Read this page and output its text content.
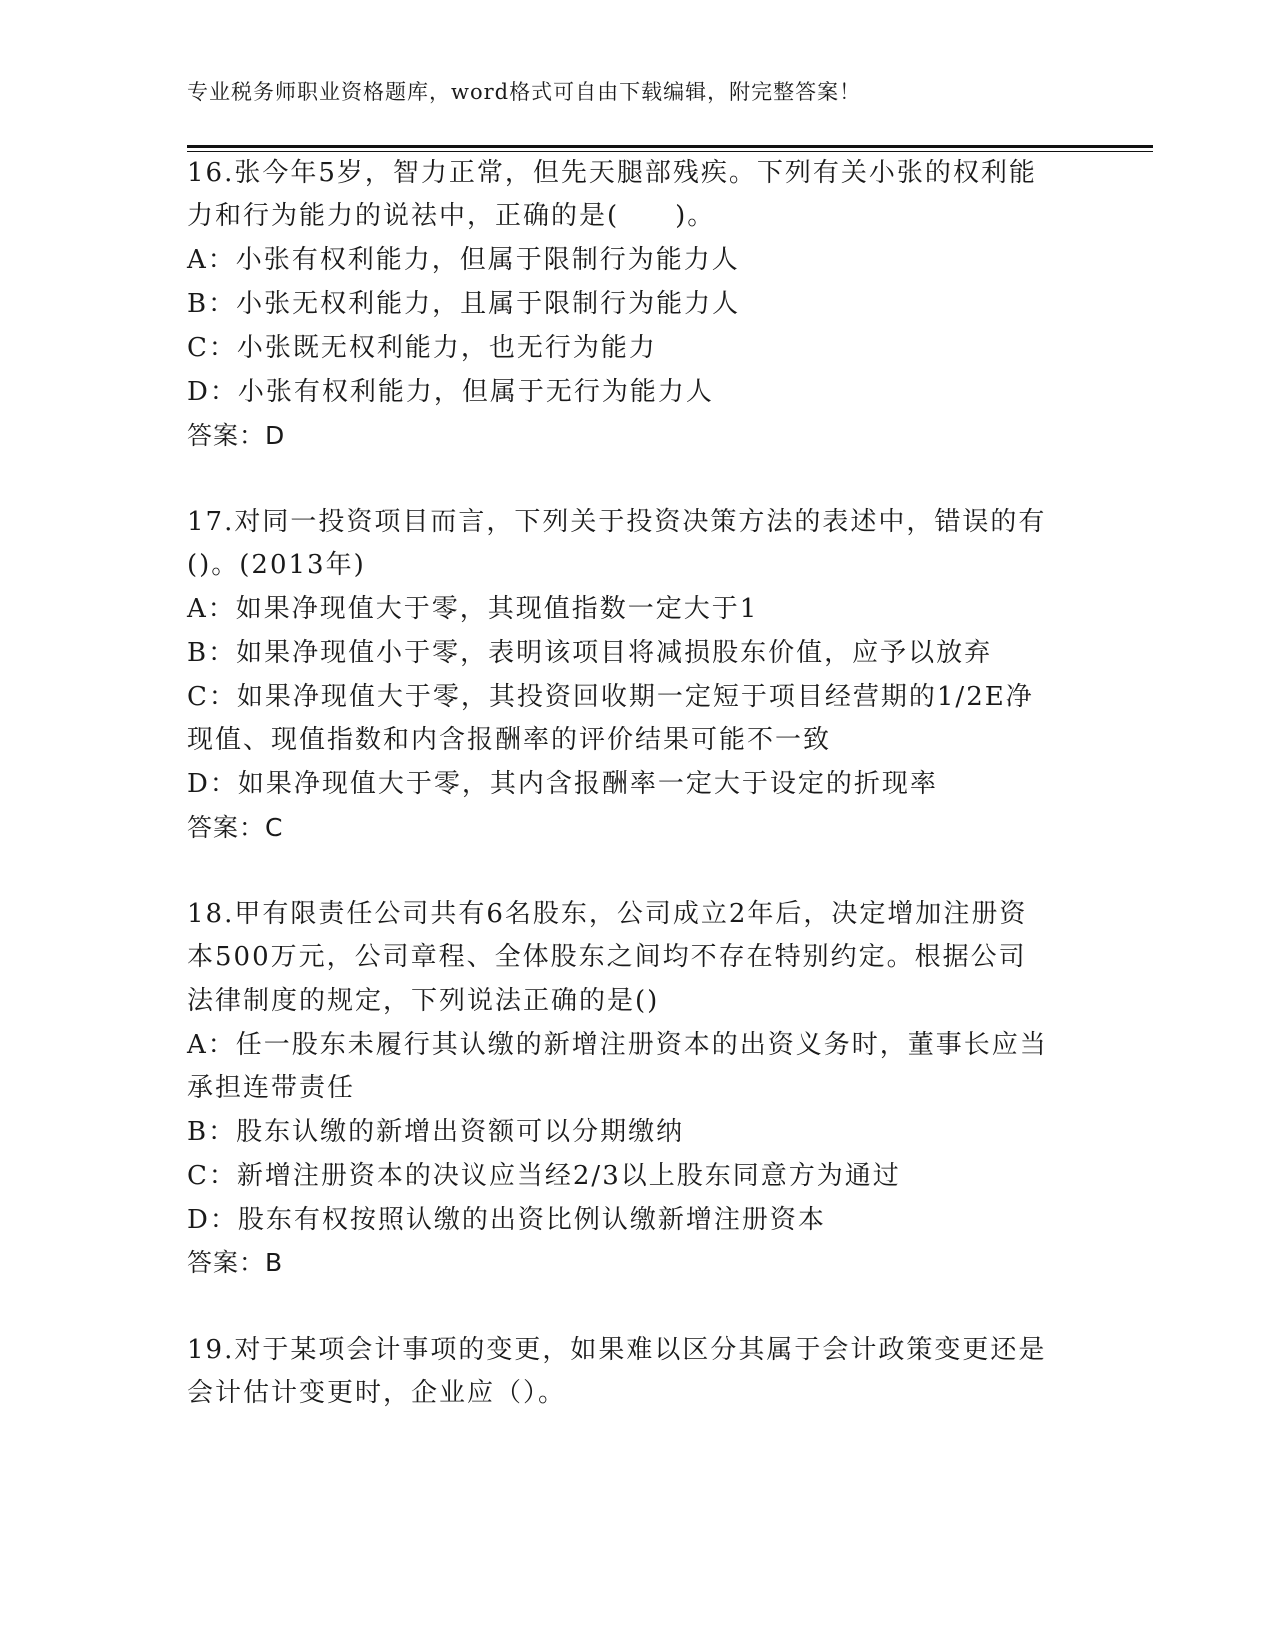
专业税务师职业资格题库，word格式可自由下载编辑，附完整答案！
16.张今年5岁，智力正常，但先天腿部残疾。下列有关小张的权利能
力和行为能力的说祛中，正确的是(　　)。
A：小张有权利能力，但属于限制行为能力人
B：小张无权利能力，且属于限制行为能力人
C：小张既无权利能力，也无行为能力
D：小张有权利能力，但属于无行为能力人
答案：D
17.对同一投资项目而言，下列关于投资决策方法的表述中，错误的有
()。(2013年)
A：如果净现值大于零，其现值指数一定大于1
B：如果净现值小于零，表明该项目将减损股东价值，应予以放弃
C：如果净现值大于零，其投资回收期一定短于项目经营期的1/2E净
现值、现值指数和内含报酬率的评价结果可能不一致
D：如果净现值大于零，其内含报酬率一定大于设定的折现率
答案：C
18.甲有限责任公司共有6名股东，公司成立2年后，决定增加注册资
本500万元，公司章程、全体股东之间均不存在特别约定。根据公司
法律制度的规定，下列说法正确的是()
A：任一股东未履行其认缴的新增注册资本的出资义务时，董事长应当
承担连带责任
B：股东认缴的新增出资额可以分期缴纳
C：新增注册资本的决议应当经2/3以上股东同意方为通过
D：股东有权按照认缴的出资比例认缴新增注册资本
答案：B
19.对于某项会计事项的变更，如果难以区分其属于会计政策变更还是
会计估计变更时，企业应（）。
